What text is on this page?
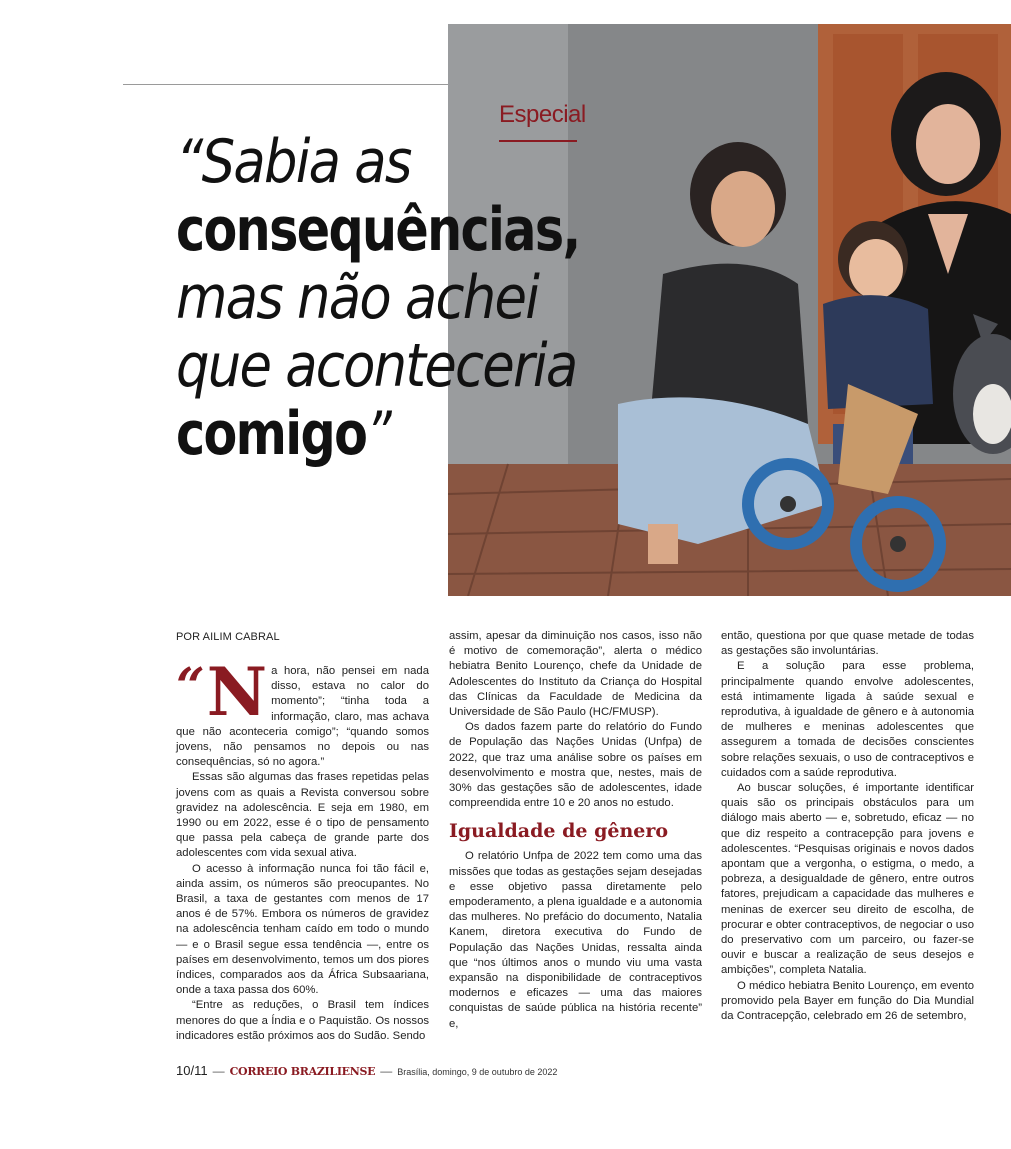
Especial
“Sabia as
consequências,
mas não achei
que aconteceria
comigo”
POR AILIM CABRAL

“ N a hora, não pensei em nada disso, estava no calor do momento”; “tinha toda a informação, claro, mas achava que não aconteceria comigo”; “quando somos jovens, não pensamos no depois ou nas consequências, só no agora.”

Essas são algumas das frases repetidas pelas jovens com as quais a Revista conversou sobre gravidez na adolescência. E seja em 1980, em 1990 ou em 2022, esse é o tipo de pensamento que passa pela cabeça de grande parte dos adolescentes com vida sexual ativa.

O acesso à informação nunca foi tão fácil e, ainda assim, os números são preocupantes. No Brasil, a taxa de gestantes com menos de 17 anos é de 57%. Embora os números de gravidez na adolescência tenham caído em todo o mundo — e o Brasil segue essa tendência —, entre os países em desenvolvimento, temos um dos piores índices, comparados aos da África Subsaariana, onde a taxa passa dos 60%.

“Entre as reduções, o Brasil tem índices menores do que a Índia e o Paquistão. Os nossos indicadores estão próximos aos do Sudão. Sendo

assim, apesar da diminuição nos casos, isso não é motivo de comemoração”, alerta o médico hebiatra Benito Lourenço, chefe da Unidade de Adolescentes do Instituto da Criança do Hospital das Clínicas da Faculdade de Medicina da Universidade de São Paulo (HC/FMUSP).

Os dados fazem parte do relatório do Fundo de População das Nações Unidas (Unfpa) de 2022, que traz uma análise sobre os países em desenvolvimento e mostra que, nestes, mais de 30% das gestações são de adolescentes, idade compreendida entre 10 e 20 anos no estudo.

Igualdade de gênero

O relatório Unfpa de 2022 tem como uma das missões que todas as gestações sejam desejadas e esse objetivo passa diretamente pelo empoderamento, a plena igualdade e a autonomia das mulheres. No prefácio do documento, Natalia Kanem, diretora executiva do Fundo de População das Nações Unidas, ressalta ainda que “nos últimos anos o mundo viu uma vasta expansão na disponibilidade de contraceptivos modernos e eficazes — uma das maiores conquistas de saúde pública na história recente” e,

então, questiona por que quase metade de todas as gestações são involuntárias.

E a solução para esse problema, principalmente quando envolve adolescentes, está intimamente ligada à saúde sexual e reprodutiva, à igualdade de gênero e à autonomia de mulheres e meninas adolescentes que assegurem a tomada de decisões conscientes sobre relações sexuais, o uso de contraceptivos e cuidados com a saúde reprodutiva.

Ao buscar soluções, é importante identificar quais são os principais obstáculos para um diálogo mais aberto — e, sobretudo, eficaz — no que diz respeito a contracepção para jovens e adolescentes. “Pesquisas originais e novos dados apontam que a vergonha, o estigma, o medo, a pobreza, a desigualdade de gênero, entre outros fatores, prejudicam a capacidade das mulheres e meninas de exercer seu direito de escolha, de procurar e obter contraceptivos, de negociar o uso do preservativo com um parceiro, ou fazer-se ouvir e buscar a realização de seus desejos e ambições”, completa Natalia.

O médico hebiatra Benito Lourenço, em evento promovido pela Bayer em função do Dia Mundial da Contracepção, celebrado em 26 de setembro,

10/11 — CORREIO BRAZILIENSE — Brasília, domingo, 9 de outubro de 2022
